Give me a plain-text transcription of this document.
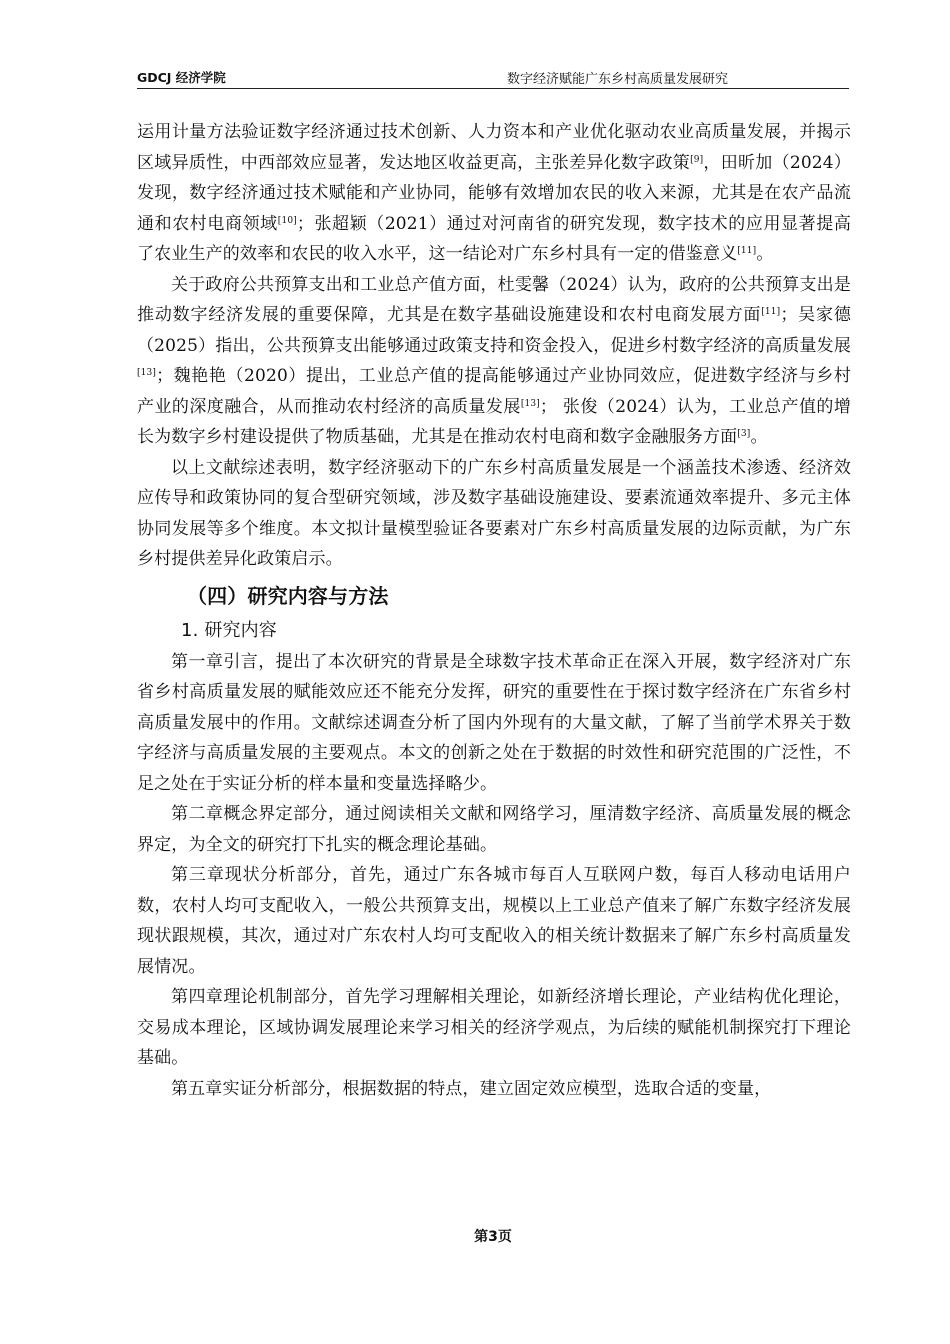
GDCJ 经济学院	数字经济赋能广东乡村高质量发展研究

运用计量方法验证数字经济通过技术创新、人力资本和产业优化驱动农业高质量发展，并揭示区域异质性，中西部效应显著，发达地区收益更高，主张差异化数字政策[9]，田昕加（2024）发现，数字经济通过技术赋能和产业协同，能够有效增加农民的收入来源，尤其是在农产品流通和农村电商领域[10]；张超颖（2021）通过对河南省的研究发现，数字技术的应用显著提高了农业生产的效率和农民的收入水平，这一结论对广东乡村具有一定的借鉴意义[11]。

关于政府公共预算支出和工业总产值方面，杜雯馨（2024）认为，政府的公共预算支出是推动数字经济发展的重要保障，尤其是在数字基础设施建设和农村电商发展方面[11]；吴家德（2025）指出，公共预算支出能够通过政策支持和资金投入，促进乡村数字经济的高质量发展[13]；魏艳艳（2020）提出，工业总产值的提高能够通过产业协同效应，促进数字经济与乡村产业的深度融合，从而推动农村经济的高质量发展[13]； 张俊（2024）认为，工业总产值的增长为数字乡村建设提供了物质基础，尤其是在推动农村电商和数字金融服务方面[3]。

以上文献综述表明，数字经济驱动下的广东乡村高质量发展是一个涵盖技术渗透、经济效应传导和政策协同的复合型研究领域，涉及数字基础设施建设、要素流通效率提升、多元主体协同发展等多个维度。本文拟计量模型验证各要素对广东乡村高质量发展的边际贡献，为广东乡村提供差异化政策启示。

（四）研究内容与方法
1. 研究内容

第一章引言，提出了本次研究的背景是全球数字技术革命正在深入开展，数字经济对广东省乡村高质量发展的赋能效应还不能充分发挥，研究的重要性在于探讨数字经济在广东省乡村高质量发展中的作用。文献综述调查分析了国内外现有的大量文献，了解了当前学术界关于数字经济与高质量发展的主要观点。本文的创新之处在于数据的时效性和研究范围的广泛性，不足之处在于实证分析的样本量和变量选择略少。

第二章概念界定部分，通过阅读相关文献和网络学习，厘清数字经济、高质量发展的概念界定，为全文的研究打下扎实的概念理论基础。

第三章现状分析部分，首先，通过广东各城市每百人互联网户数，每百人移动电话用户数，农村人均可支配收入，一般公共预算支出，规模以上工业总产值来了解广东数字经济发展现状跟规模，其次，通过对广东农村人均可支配收入的相关统计数据来了解广东乡村高质量发展情况。

第四章理论机制部分，首先学习理解相关理论，如新经济增长理论，产业结构优化理论，交易成本理论，区域协调发展理论来学习相关的经济学观点，为后续的赋能机制探究打下理论基础。

第五章实证分析部分，根据数据的特点，建立固定效应模型，选取合适的变量，

第3页
